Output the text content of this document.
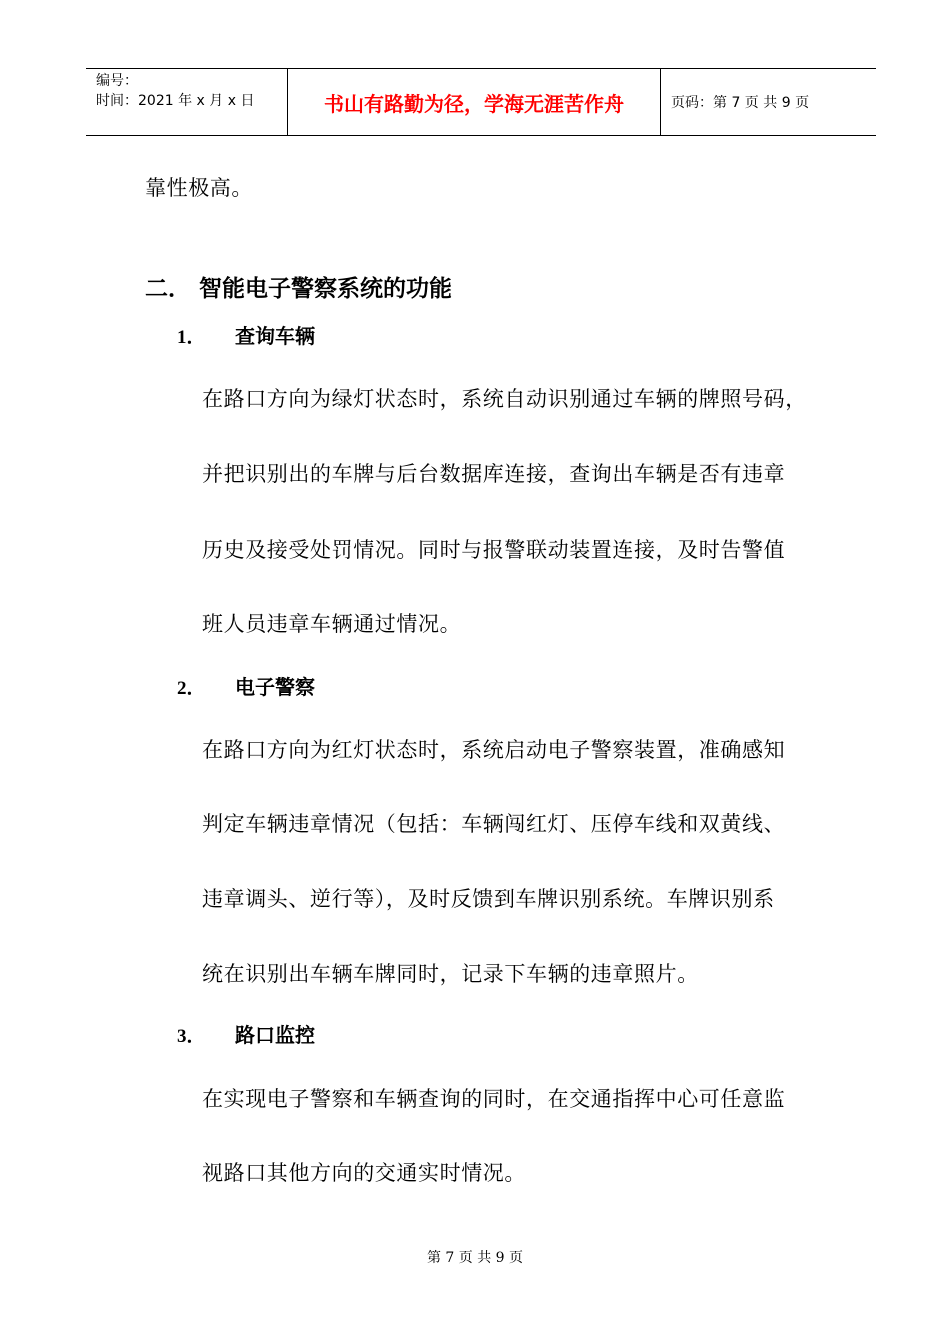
编号：
时间：2021 年 x 月 x 日	书山有路勤为径，学海无涯苦作舟	页码：第 7 页 共 9 页
靠性极高。
二． 智能电子警察系统的功能
1． 查询车辆
在路口方向为绿灯状态时，系统自动识别通过车辆的牌照号码，
并把识别出的车牌与后台数据库连接，查询出车辆是否有违章
历史及接受处罚情况。同时与报警联动装置连接，及时告警值
班人员违章车辆通过情况。
2． 电子警察
在路口方向为红灯状态时，系统启动电子警察装置，准确感知
判定车辆违章情况（包括：车辆闯红灯、压停车线和双黄线、
违章调头、逆行等），及时反馈到车牌识别系统。车牌识别系
统在识别出车辆车牌同时，记录下车辆的违章照片。
3． 路口监控
在实现电子警察和车辆查询的同时，在交通指挥中心可任意监
视路口其他方向的交通实时情况。
第 7 页 共 9 页
